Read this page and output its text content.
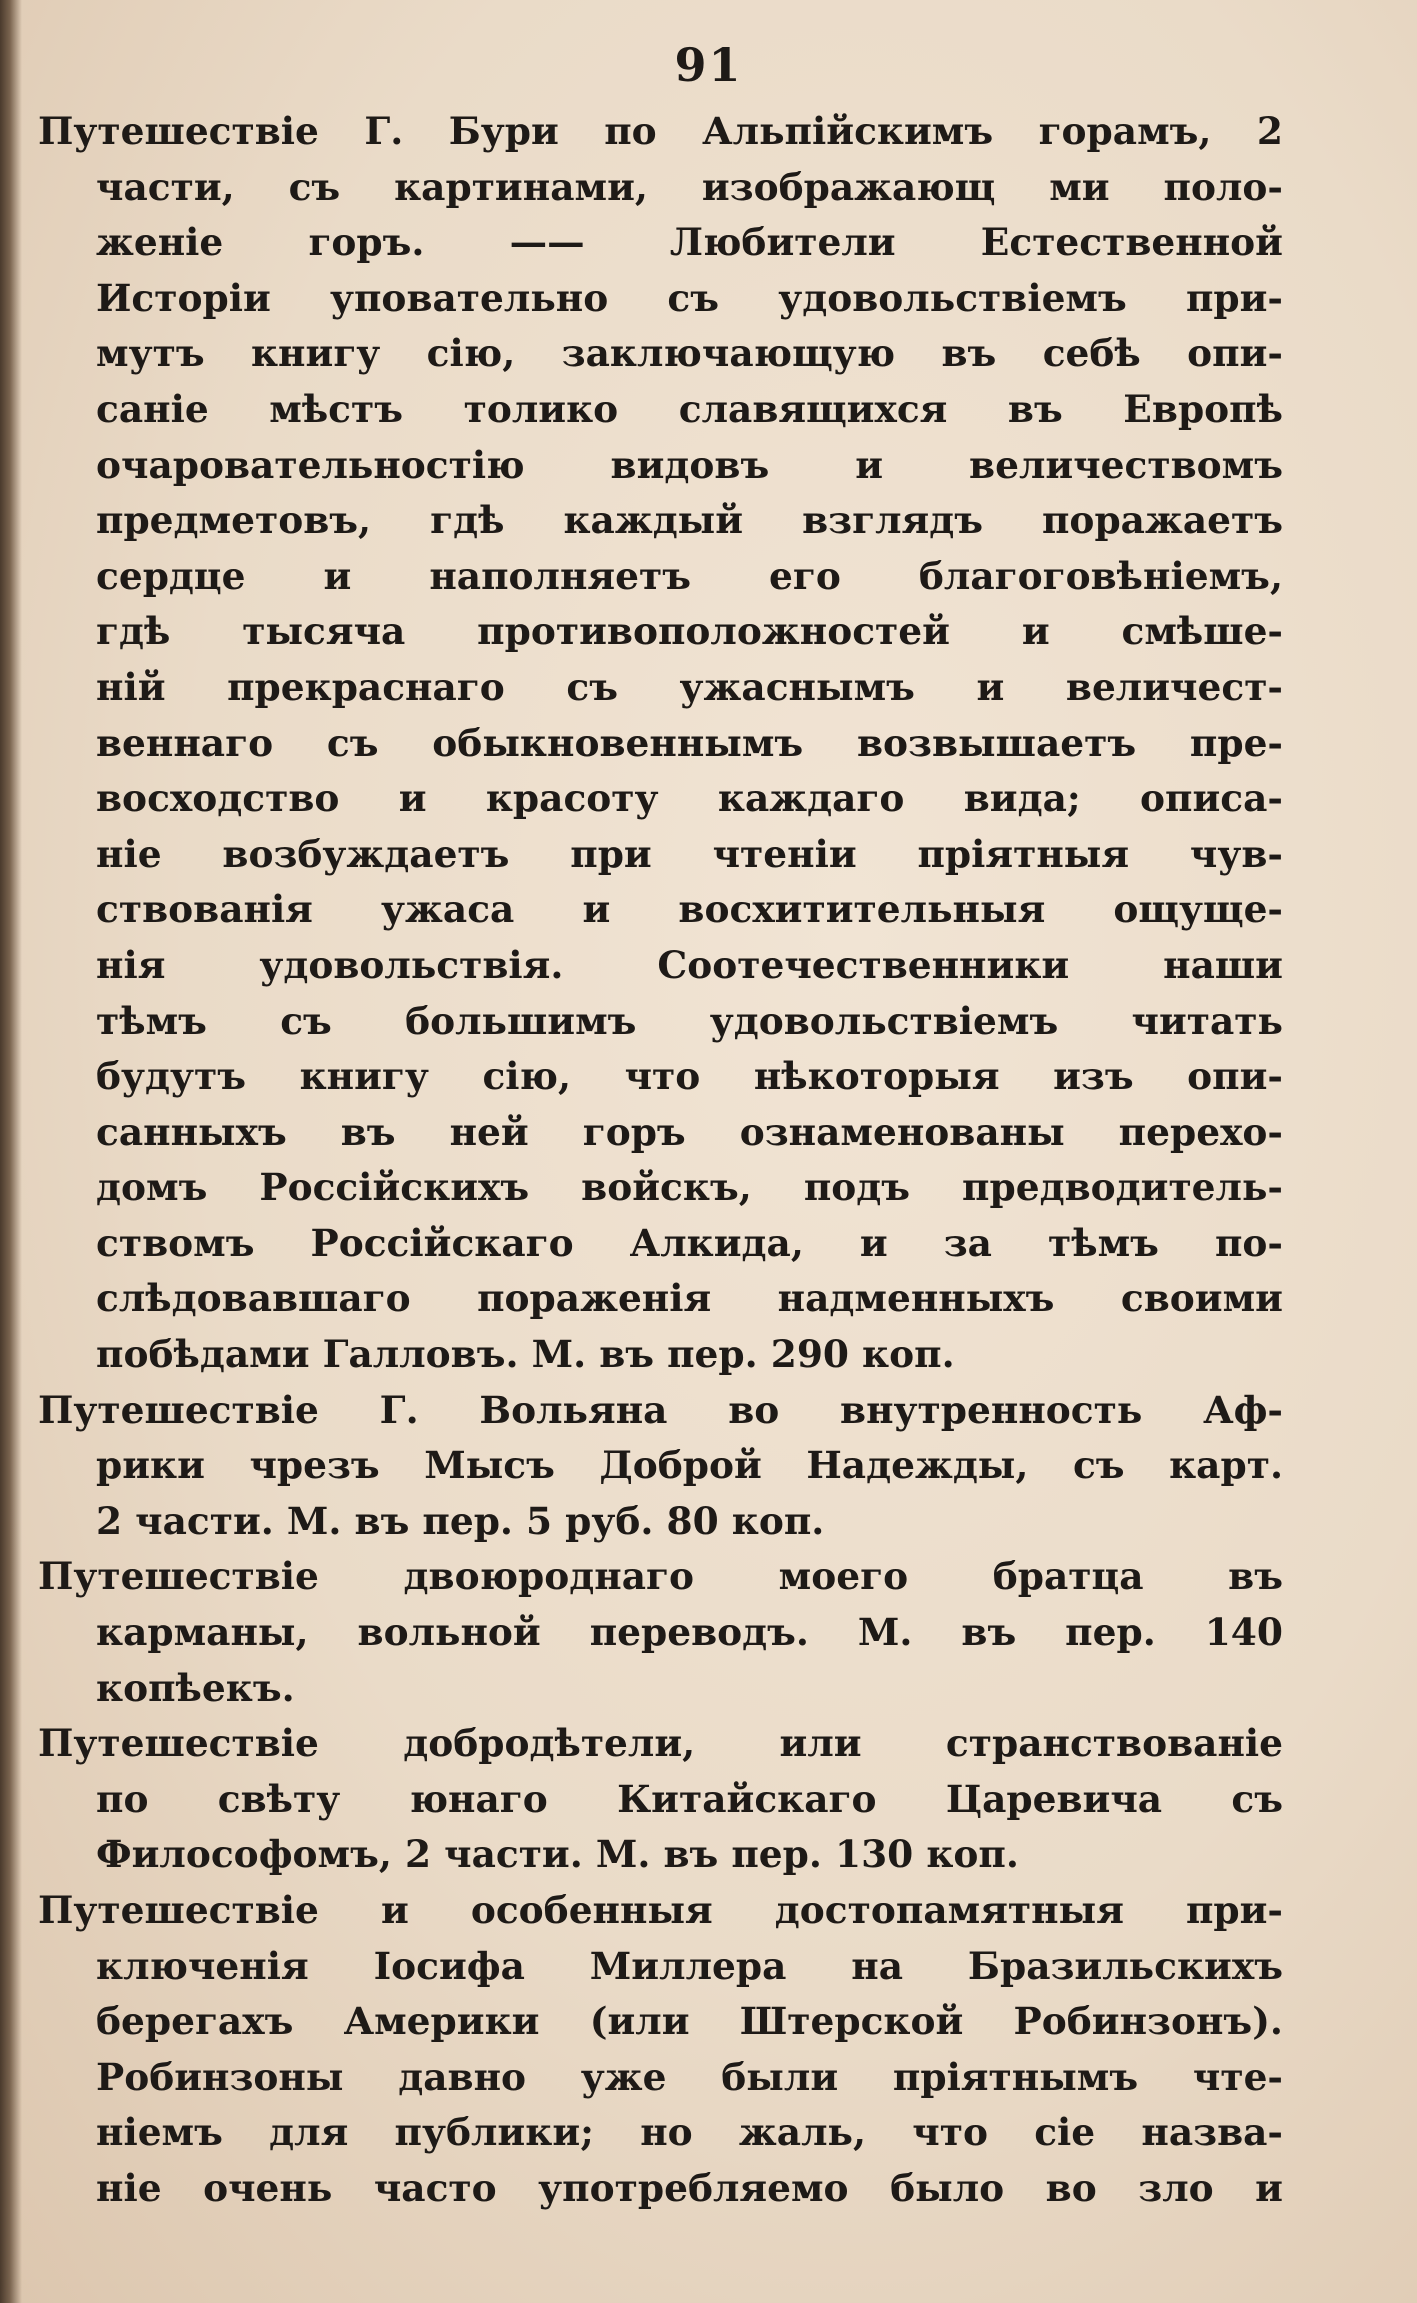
91
Путешествіе Г. Бури по Альпійскимъ горамъ, 2
части, съ картинами, изображающ ми поло-
женіе горъ. —— Любители Естественной
Исторіи уповательно съ удовольствіемъ при-
мутъ книгу сію, заключающую въ себѣ опи-
саніе мѣстъ толико славящихся въ Европѣ
очаровательностію видовъ и величествомъ
предметовъ, гдѣ каждый взглядъ поражаетъ
сердце и наполняетъ его благоговѣніемъ,
гдѣ тысяча противоположностей и смѣше-
ній прекраснаго съ ужаснымъ и величест-
веннаго съ обыкновеннымъ возвышаетъ пре-
восходство и красоту каждаго вида; описа-
ніе возбуждаетъ при чтеніи пріятныя чув-
ствованія ужаса и восхитительныя ощуще-
нія удовольствія. Соотечественники наши
тѣмъ съ большимъ удовольствіемъ читать
будутъ книгу сію, что нѣкоторыя изъ опи-
санныхъ въ ней горъ ознаменованы перехо-
домъ Россійскихъ войскъ, подъ предводитель-
ствомъ Россійскаго Алкида, и за тѣмъ по-
слѣдовавшаго пораженія надменныхъ своими
побѣдами Галловъ. М. въ пер. 290 коп.
Путешествіе Г. Вольяна во внутренность Аф-
рики чрезъ Мысъ Доброй Надежды, съ карт.
2 части. М. въ пер. 5 руб. 80 коп.
Путешествіе двоюроднаго моего братца въ
карманы, вольной переводъ. М. въ пер. 140
копѣекъ.
Путешествіе добродѣтели, или странствованіе
по свѣту юнаго Китайскаго Царевича съ
Философомъ, 2 части. М. въ пер. 130 коп.
Путешествіе и особенныя достопамятныя при-
ключенія Іосифа Миллера на Бразильскихъ
берегахъ Америки (или Штерской Робинзонъ).
Робинзоны давно уже были пріятнымъ чте-
ніемъ для публики; но жаль, что сіе назва-
ніе очень часто употребляемо было во зло и
